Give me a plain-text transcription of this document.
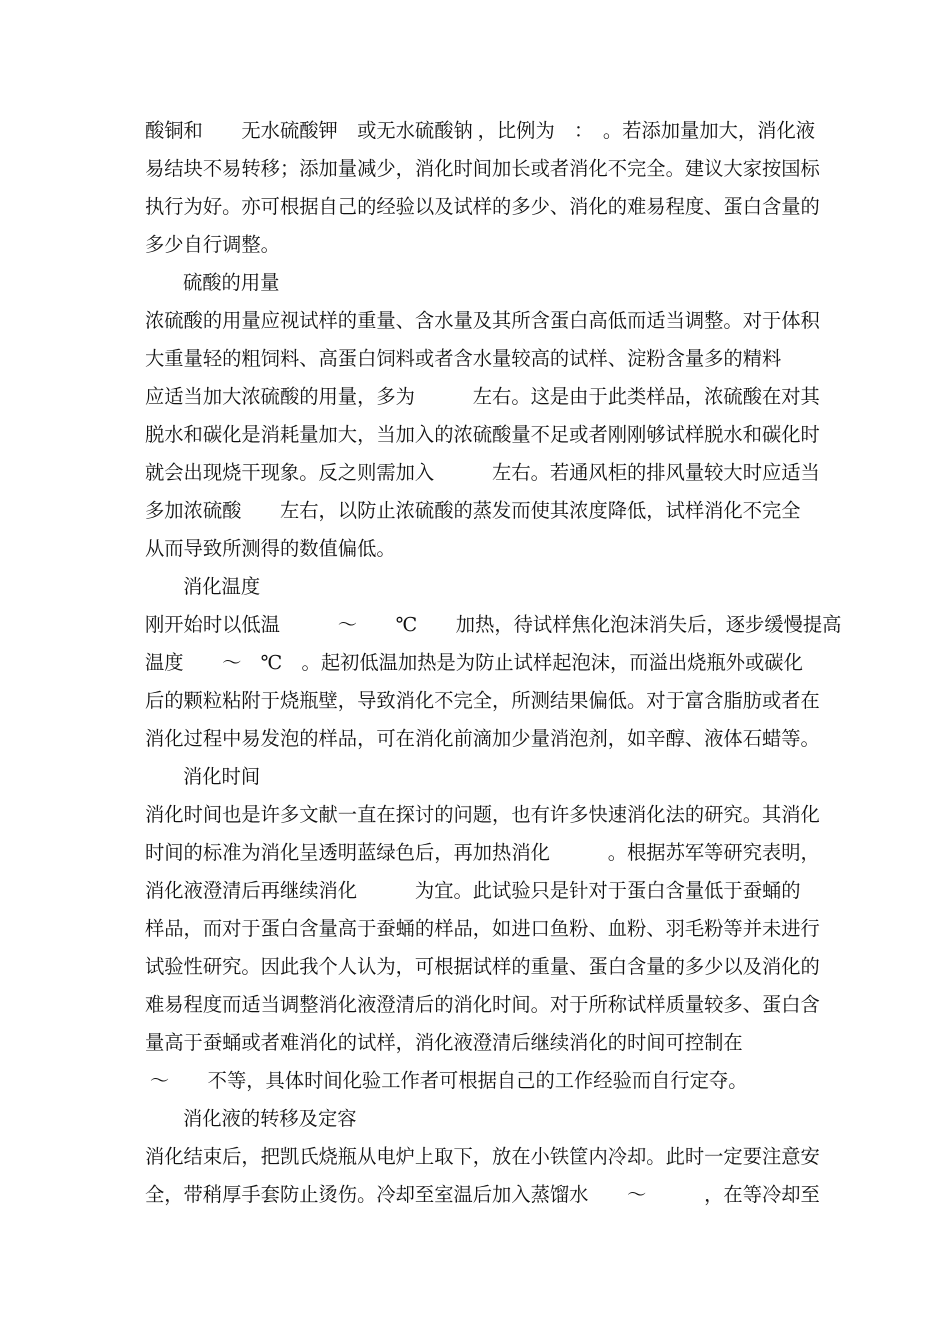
酸铜和　　无水硫酸钾　或无水硫酸钠 ，比例为　：　。若添加量加大，消化液
易结块不易转移；添加量减少，消化时间加长或者消化不完全。建议大家按国标
执行为好。亦可根据自己的经验以及试样的多少、消化的难易程度、蛋白含量的
多少自行调整。
硫酸的用量
浓硫酸的用量应视试样的重量、含水量及其所含蛋白高低而适当调整。对于体积
大重量轻的粗饲料、高蛋白饲料或者含水量较高的试样、淀粉含量多的精料
应适当加大浓硫酸的用量，多为　　　左右。这是由于此类样品，浓硫酸在对其
脱水和碳化是消耗量加大，当加入的浓硫酸量不足或者刚刚够试样脱水和碳化时
就会出现烧干现象。反之则需加入　　　左右。若通风柜的排风量较大时应适当
多加浓硫酸　　左右，以防止浓硫酸的蒸发而使其浓度降低，试样消化不完全
从而导致所测得的数值偏低。
消化温度
刚开始时以低温　　　～　　℃　　加热，待试样焦化泡沫消失后，逐步缓慢提高
温度　　～　℃　。起初低温加热是为防止试样起泡沫，而溢出烧瓶外或碳化
后的颗粒粘附于烧瓶壁，导致消化不完全，所测结果偏低。对于富含脂肪或者在
消化过程中易发泡的样品，可在消化前滴加少量消泡剂，如辛醇、液体石蜡等。
消化时间
消化时间也是许多文献一直在探讨的问题，也有许多快速消化法的研究。其消化
时间的标准为消化呈透明蓝绿色后，再加热消化　　　。根据苏军等研究表明，
消化液澄清后再继续消化　　　为宜。此试验只是针对于蛋白含量低于蚕蛹的
样品，而对于蛋白含量高于蚕蛹的样品，如进口鱼粉、血粉、羽毛粉等并未进行
试验性研究。因此我个人认为，可根据试样的重量、蛋白含量的多少以及消化的
难易程度而适当调整消化液澄清后的消化时间。对于所称试样质量较多、蛋白含
量高于蚕蛹或者难消化的试样，消化液澄清后继续消化的时间可控制在
～　　不等，具体时间化验工作者可根据自己的工作经验而自行定夺。
消化液的转移及定容
消化结束后，把凯氏烧瓶从电炉上取下，放在小铁筐内冷却。此时一定要注意安
全，带稍厚手套防止烫伤。冷却至室温后加入蒸馏水　　～　　　，在等冷却至
